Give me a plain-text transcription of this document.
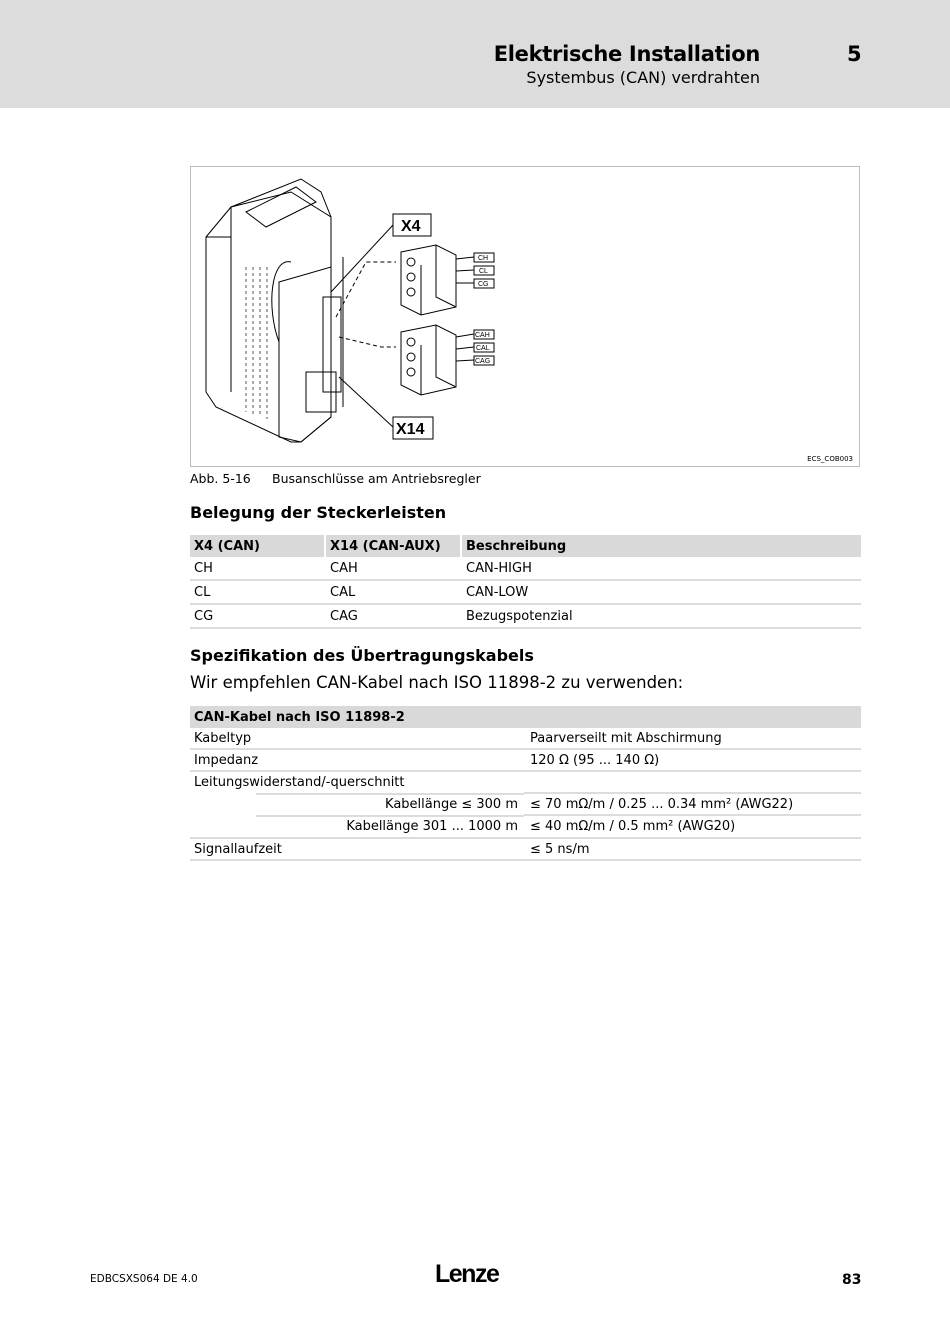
Elektrische Installation
Systembus (CAN) verdrahten
5
X4
X14
CH
CL
CG
CAH
CAL
CAG
ECS_COB003
Abb. 5-16 Busanschlüsse am Antriebsregler
Belegung der Steckerleisten
X4 (CAN)	X14 (CAN-AUX)	Beschreibung
CH	CAH	CAN-HIGH
CL	CAL	CAN-LOW
CG	CAG	Bezugspotenzial
Spezifikation des Übertragungskabels
Wir empfehlen CAN-Kabel nach ISO 11898-2 zu verwenden:
CAN-Kabel nach ISO 11898-2	
Kabeltyp	Paarverseilt mit Abschirmung
Impedanz	120 Ω (95 ... 140 Ω)
Leitungswiderstand/-querschnitt	

Kabellänge ≤ 300 m	≤ 70 mΩ/m / 0.25 ... 0.34 mm² (AWG22)

Kabellänge 301 ... 1000 m	≤ 40 mΩ/m / 0.5 mm² (AWG20)
Signallaufzeit	≤ 5 ns/m
EDBCSXS064 DE 4.0	Lenze	83
